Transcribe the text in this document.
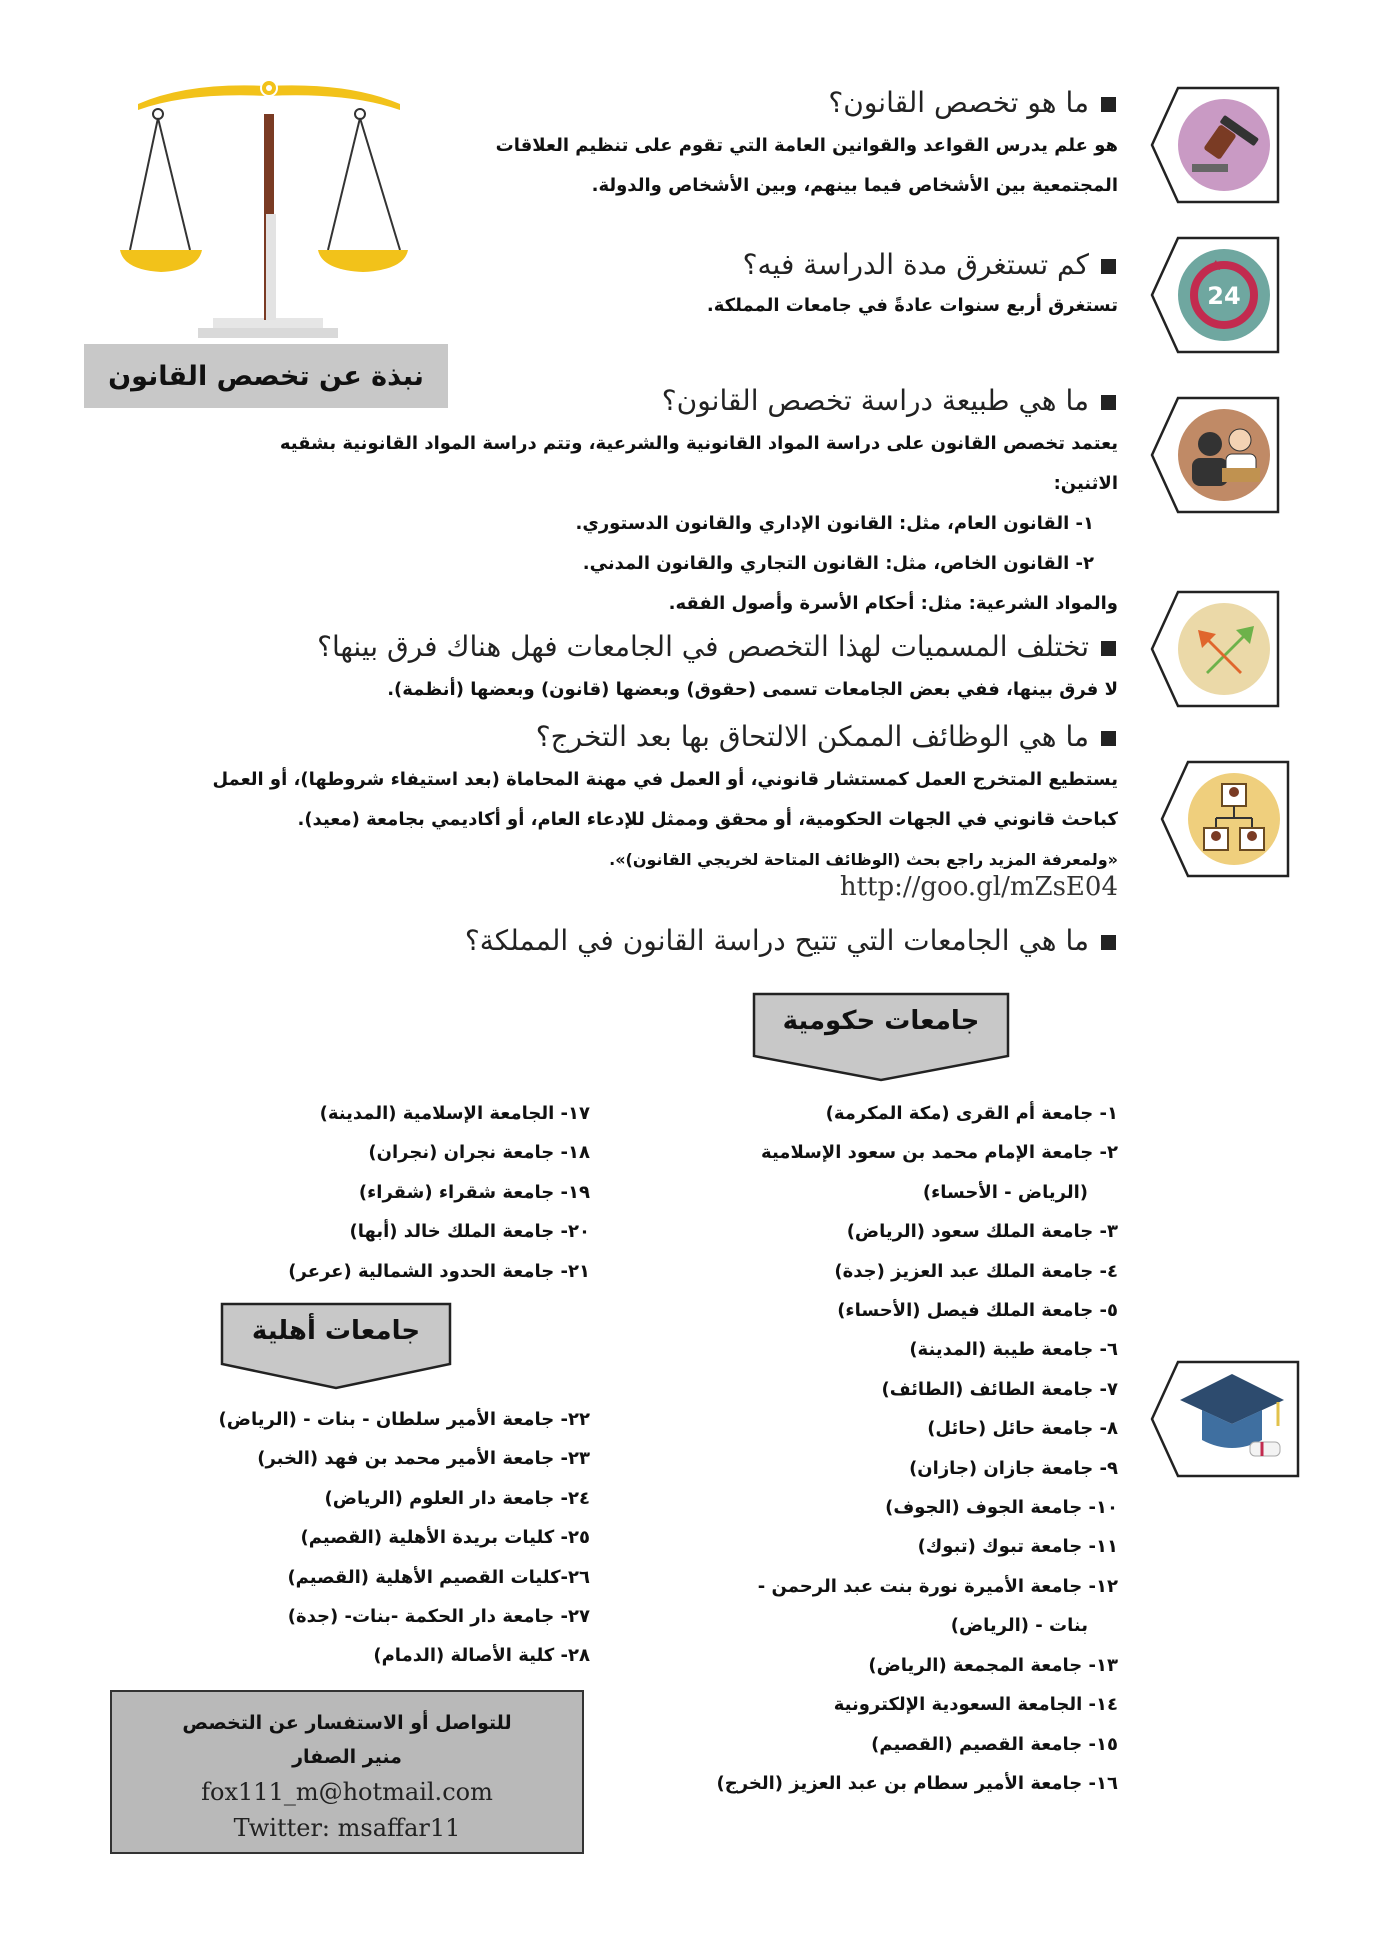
نبذة عن تخصص القانون
24
ما هو تخصص القانون؟
هو علم يدرس القواعد والقوانين العامة التي تقوم على تنظيم العلاقات
المجتمعية بين الأشخاص فيما بينهم، وبين الأشخاص والدولة.
كم تستغرق مدة الدراسة فيه؟
تستغرق أربع سنوات عادةً في جامعات المملكة.
ما هي طبيعة دراسة تخصص القانون؟
يعتمد تخصص القانون على دراسة المواد القانونية والشرعية، وتتم دراسة المواد القانونية بشقيه
الاثنين:
١- القانون العام، مثل: القانون الإداري والقانون الدستوري.
٢- القانون الخاص، مثل: القانون التجاري والقانون المدني.
والمواد الشرعية: مثل: أحكام الأسرة وأصول الفقه.
تختلف المسميات لهذا التخصص في الجامعات فهل هناك فرق بينها؟
لا فرق بينها، ففي بعض الجامعات تسمى (حقوق) وبعضها (قانون) وبعضها (أنظمة).
ما هي الوظائف الممكن الالتحاق بها بعد التخرج؟
يستطيع المتخرج العمل كمستشار قانوني، أو العمل في مهنة المحاماة (بعد استيفاء شروطها)، أو العمل
كباحث قانوني في الجهات الحكومية، أو محقق وممثل للإدعاء العام، أو أكاديمي بجامعة (معيد).
«ولمعرفة المزيد راجع بحث (الوظائف المتاحة لخريجي القانون)».
http://goo.gl/mZsE04
ما هي الجامعات التي تتيح دراسة القانون في المملكة؟
جامعات حكومية
١- جامعة أم القرى (مكة المكرمة)
٢- جامعة الإمام محمد بن سعود الإسلامية
(الرياض - الأحساء)
٣- جامعة الملك سعود (الرياض)
٤- جامعة الملك عبد العزيز (جدة)
٥- جامعة الملك فيصل (الأحساء)
٦- جامعة طيبة (المدينة)
٧- جامعة الطائف (الطائف)
٨- جامعة حائل (حائل)
٩- جامعة جازان (جازان)
١٠- جامعة الجوف (الجوف)
١١- جامعة تبوك (تبوك)
١٢- جامعة الأميرة نورة بنت عبد الرحمن -
بنات - (الرياض)
١٣- جامعة المجمعة (الرياض)
١٤- الجامعة السعودية الإلكترونية
١٥- جامعة القصيم (القصيم)
١٦- جامعة الأمير سطام بن عبد العزيز (الخرج)
١٧- الجامعة الإسلامية (المدينة)
١٨- جامعة نجران (نجران)
١٩- جامعة شقراء (شقراء)
٢٠- جامعة الملك خالد (أبها)
٢١- جامعة الحدود الشمالية (عرعر)
جامعات أهلية
٢٢- جامعة الأمير سلطان - بنات - (الرياض)
٢٣- جامعة الأمير محمد بن فهد (الخبر)
٢٤- جامعة دار العلوم (الرياض)
٢٥- كليات بريدة الأهلية (القصيم)
٢٦-كليات القصيم الأهلية (القصيم)
٢٧- جامعة دار الحكمة -بنات- (جدة)
٢٨- كلية الأصالة (الدمام)
للتواصل أو الاستفسار عن التخصص
منير الصفار
fox111_m@hotmail.com
Twitter: msaffar11
